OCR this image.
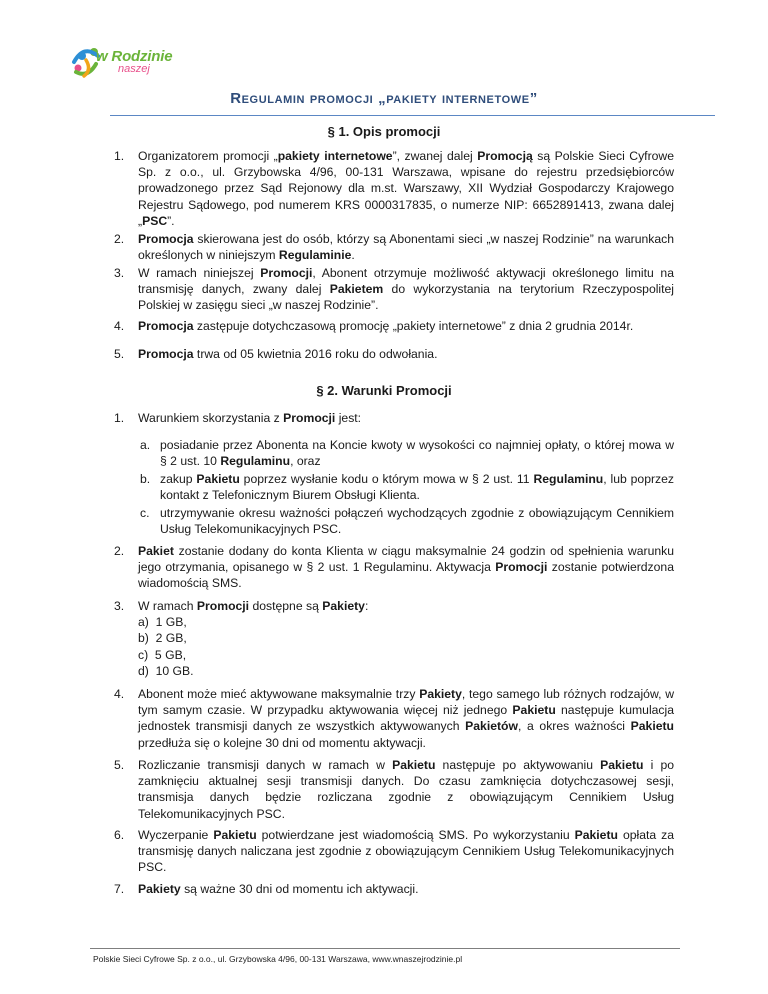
w Rodzinie
naszej
Regulamin promocji „pakiety internetowe”
§ 1. Opis promocji
1. Organizatorem promocji „pakiety internetowe”, zwanej dalej Promocją są Polskie Sieci Cyfrowe Sp. z o.o., ul. Grzybowska 4/96, 00-131 Warszawa, wpisane do rejestru przedsiębiorców prowadzonego przez Sąd Rejonowy dla m.st. Warszawy, XII Wydział Gospodarczy Krajowego Rejestru Sądowego, pod numerem KRS 0000317835, o numerze NIP: 6652891413, zwana dalej „PSC”.
2. Promocja skierowana jest do osób, którzy są Abonentami sieci „w naszej Rodzinie” na warunkach określonych w niniejszym Regulaminie.
3. W ramach niniejszej Promocji, Abonent otrzymuje możliwość aktywacji określonego limitu na transmisję danych, zwany dalej Pakietem do wykorzystania na terytorium Rzeczypospolitej Polskiej w zasięgu sieci „w naszej Rodzinie”.
4. Promocja zastępuje dotychczasową promocję „pakiety internetowe” z dnia 2 grudnia 2014r.
5. Promocja trwa od 05 kwietnia 2016 roku do odwołania.
§ 2. Warunki Promocji
1. Warunkiem skorzystania z Promocji jest:
a. posiadanie przez Abonenta na Koncie kwoty w wysokości co najmniej opłaty, o której mowa w § 2 ust. 10 Regulaminu, oraz
b. zakup Pakietu poprzez wysłanie kodu o którym mowa w § 2 ust. 11 Regulaminu, lub poprzez kontakt z Telefonicznym Biurem Obsługi Klienta.
c. utrzymywanie okresu ważności połączeń wychodzących zgodnie z obowiązującym Cennikiem Usług Telekomunikacyjnych PSC.
2. Pakiet zostanie dodany do konta Klienta w ciągu maksymalnie 24 godzin od spełnienia warunku jego otrzymania, opisanego w § 2 ust. 1 Regulaminu. Aktywacja Promocji zostanie potwierdzona wiadomością SMS.
3. W ramach Promocji dostępne są Pakiety:
a)  1 GB,
b)  2 GB,
c)  5 GB,
d)  10 GB.
4. Abonent może mieć aktywowane maksymalnie trzy Pakiety, tego samego lub różnych rodzajów, w tym samym czasie. W przypadku aktywowania więcej niż jednego Pakietu następuje kumulacja jednostek transmisji danych ze wszystkich aktywowanych Pakietów, a okres ważności Pakietu przedłuża się o kolejne 30 dni od momentu aktywacji.
5. Rozliczanie transmisji danych w ramach w Pakietu następuje po aktywowaniu Pakietu i po zamknięciu aktualnej sesji transmisji danych. Do czasu zamknięcia dotychczasowej sesji, transmisja danych będzie rozliczana zgodnie z obowiązującym Cennikiem Usług Telekomunikacyjnych PSC.
6. Wyczerpanie Pakietu potwierdzane jest wiadomością SMS. Po wykorzystaniu Pakietu opłata za transmisję danych naliczana jest zgodnie z obowiązującym Cennikiem Usług Telekomunikacyjnych PSC.
7. Pakiety są ważne 30 dni od momentu ich aktywacji.
Polskie Sieci Cyfrowe Sp. z o.o., ul. Grzybowska 4/96, 00-131 Warszawa, www.wnaszejrodzinie.pl
